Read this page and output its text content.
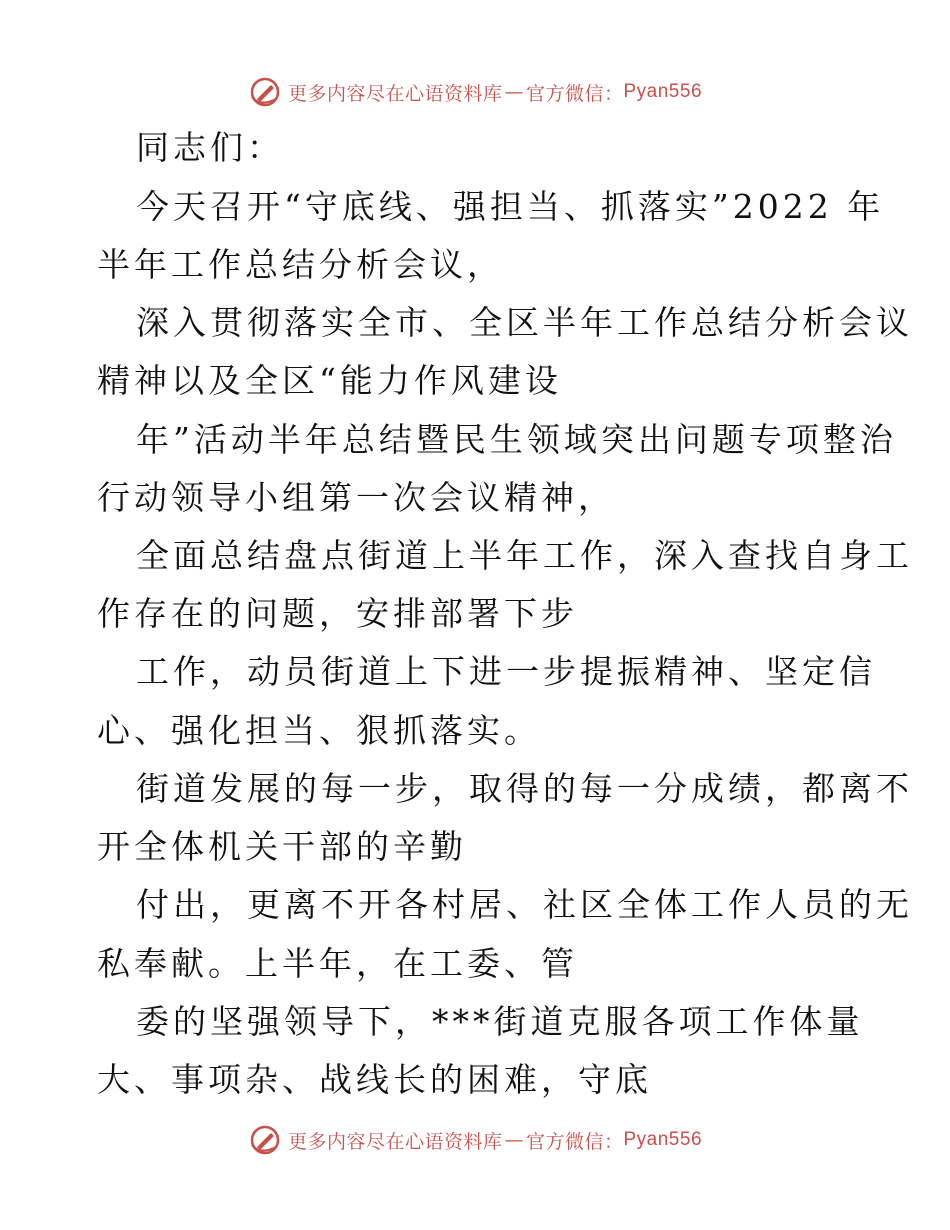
更多内容尽在心语资料库 — 官方微信： Pyan556
同志们：
今天召开“守底线、强担当、抓落实”2022 年
半年工作总结分析会议，
深入贯彻落实全市、全区半年工作总结分析会议
精神以及全区“能力作风建设
年”活动半年总结暨民生领域突出问题专项整治
行动领导小组第一次会议精神，
全面总结盘点街道上半年工作，深入查找自身工
作存在的问题，安排部署下步
工作，动员街道上下进一步提振精神、坚定信
心、强化担当、狠抓落实。
街道发展的每一步，取得的每一分成绩，都离不
开全体机关干部的辛勤
付出，更离不开各村居、社区全体工作人员的无
私奉献。上半年，在工委、管
委的坚强领导下，***街道克服各项工作体量
大、事项杂、战线长的困难，守底
更多内容尽在心语资料库 — 官方微信： Pyan556
